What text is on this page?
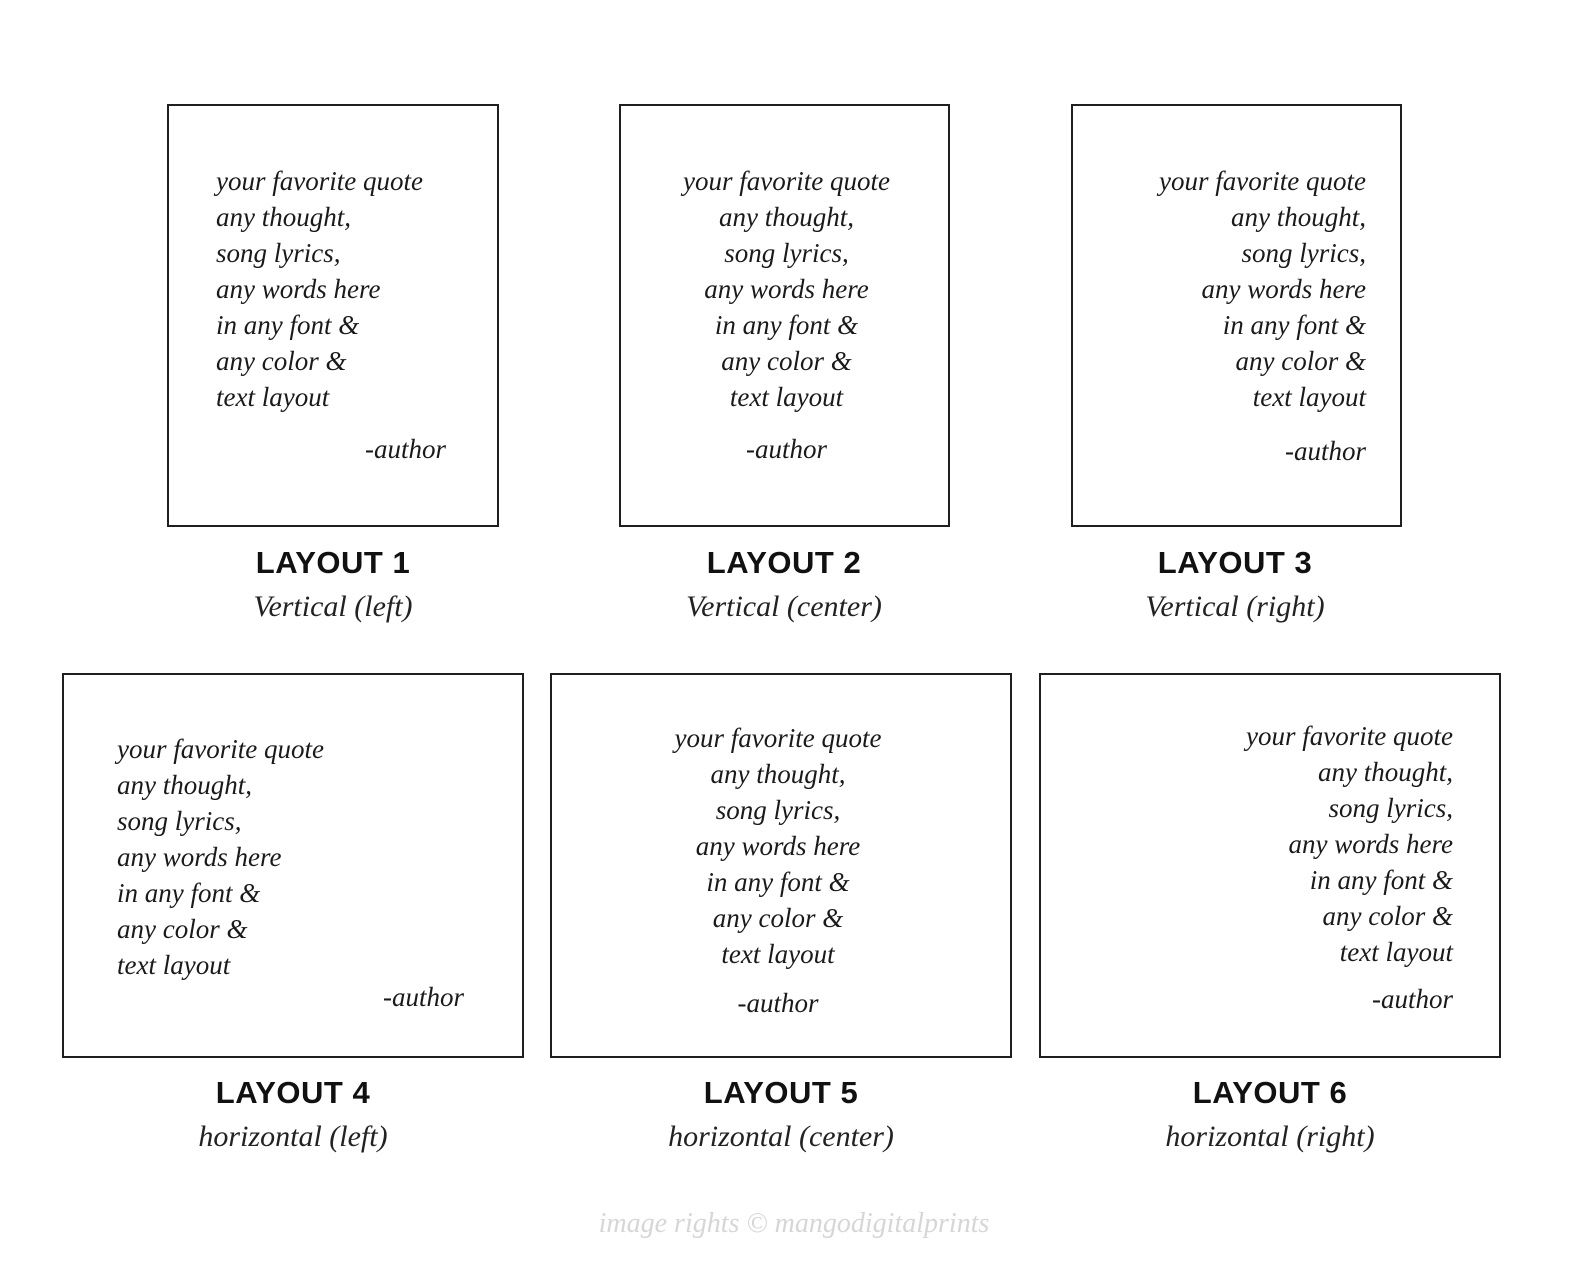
your favorite quote
any thought,
song lyrics,
any words here
in any font &
any color &
text layout
-author
LAYOUT 1
Vertical (left)
your favorite quote
any thought,
song lyrics,
any words here
in any font &
any color &
text layout
-author
LAYOUT 2
Vertical (center)
your favorite quote
any thought,
song lyrics,
any words here
in any font &
any color &
text layout
-author
LAYOUT 3
Vertical (right)
your favorite quote
any thought,
song lyrics,
any words here
in any font &
any color &
text layout
-author
LAYOUT 4
horizontal (left)
your favorite quote
any thought,
song lyrics,
any words here
in any font &
any color &
text layout
-author
LAYOUT 5
horizontal (center)
your favorite quote
any thought,
song lyrics,
any words here
in any font &
any color &
text layout
-author
LAYOUT 6
horizontal (right)
image rights © mangodigitalprints
